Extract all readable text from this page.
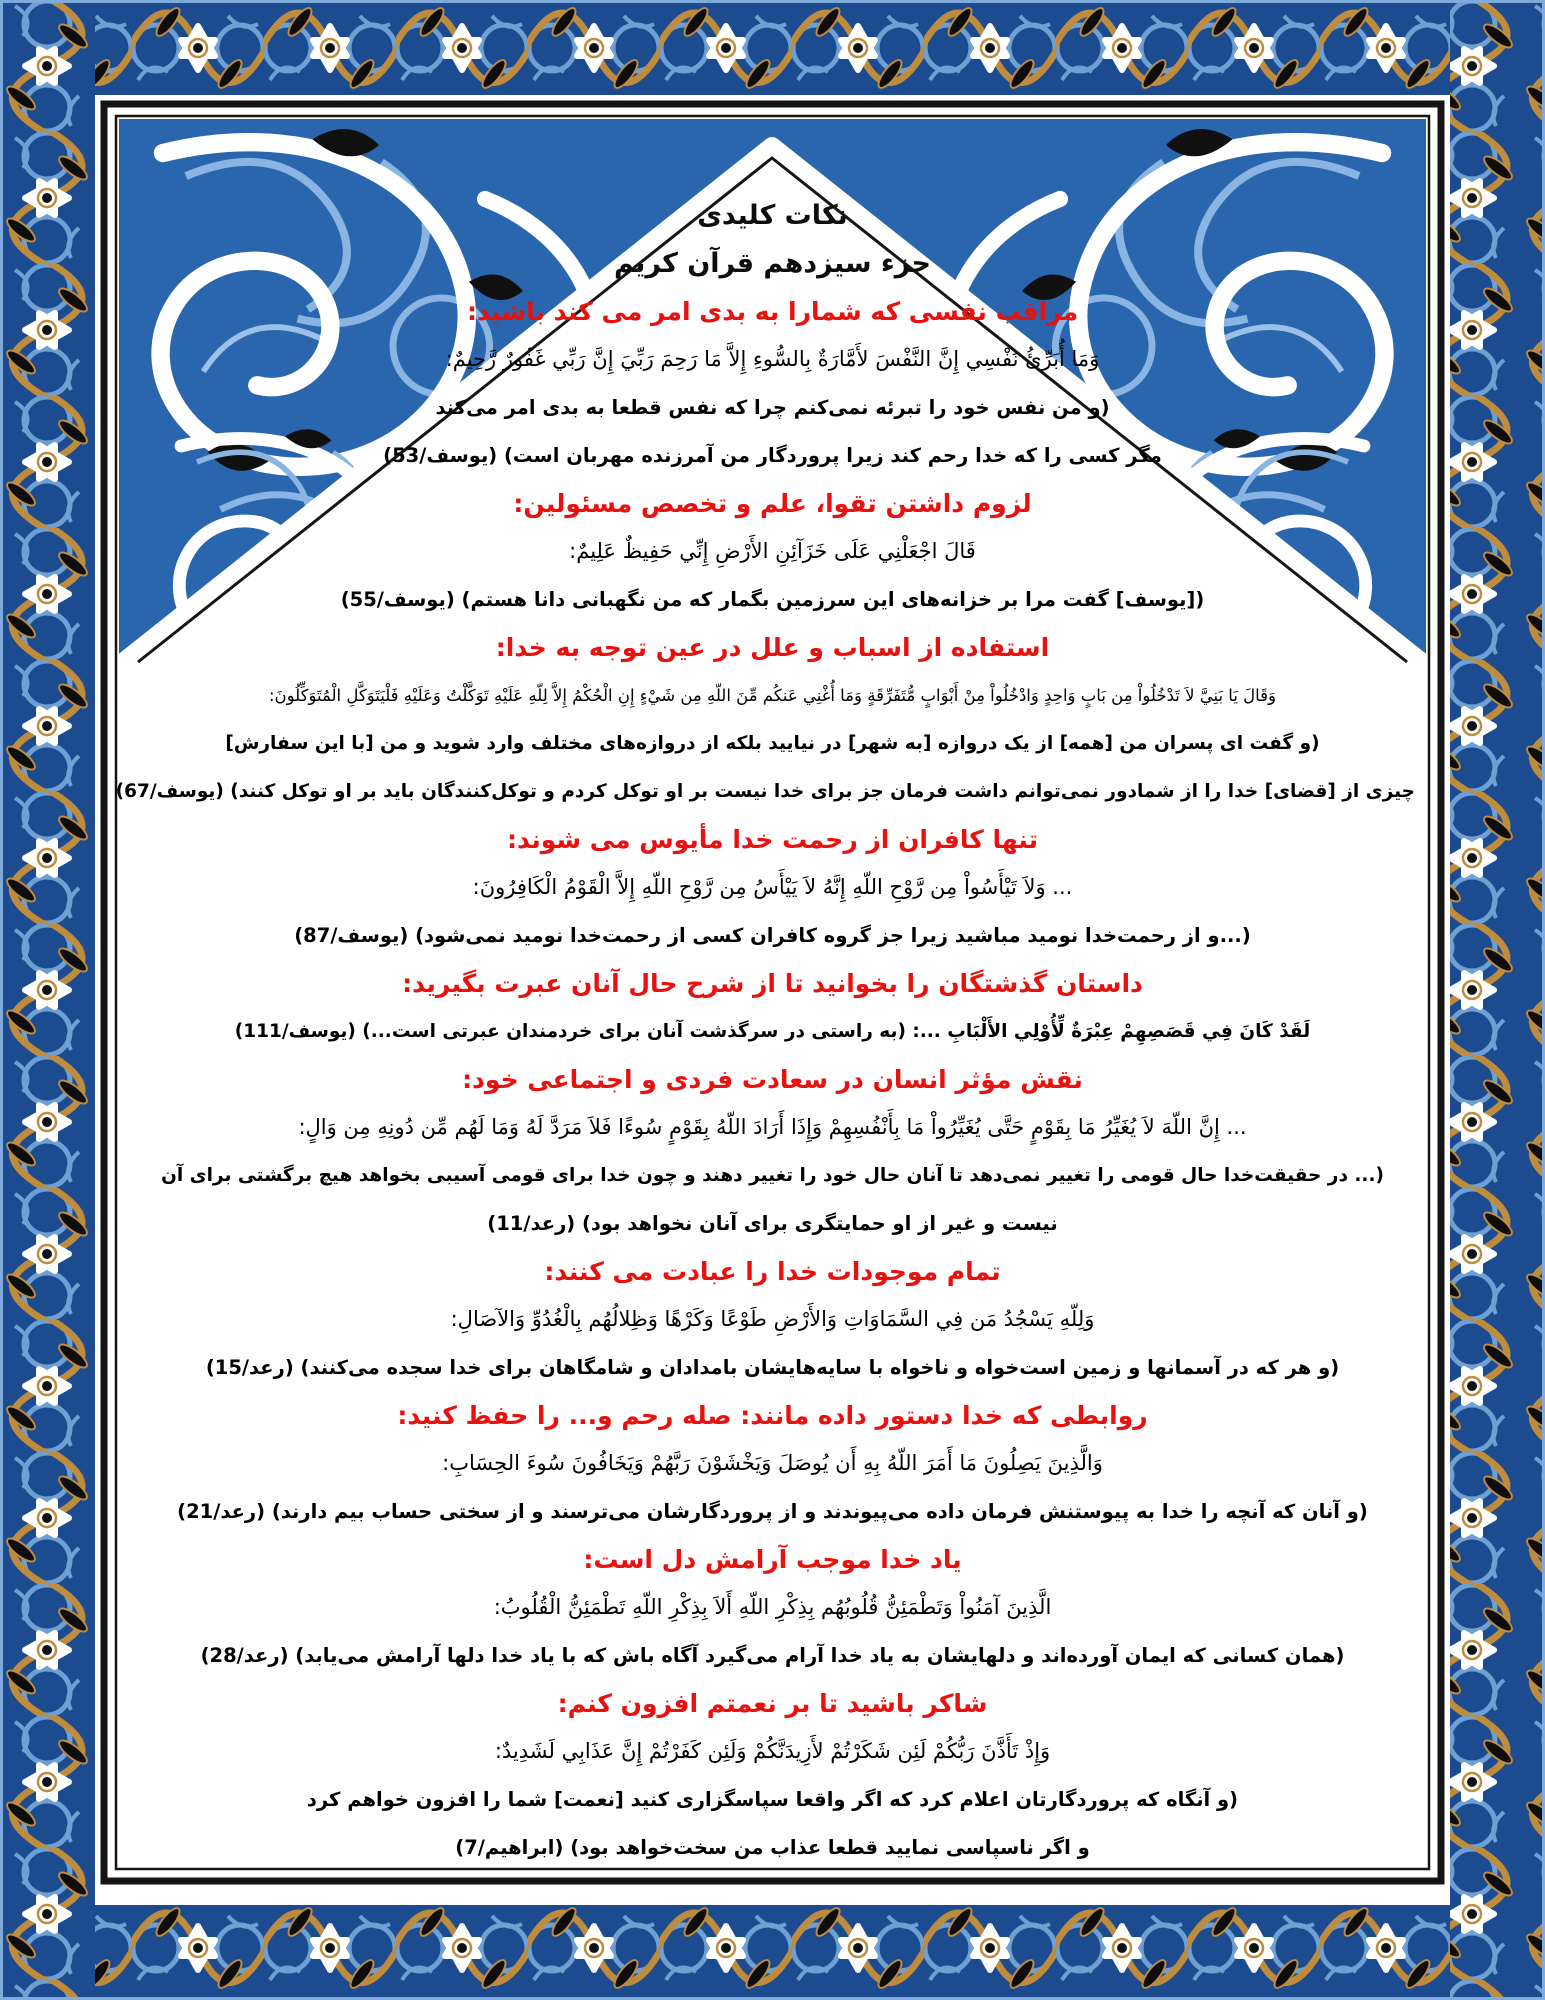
نکات کلیدی

جزء سیزدهم قرآن کریم

مراقب نفسی که شمارا به بدی امر می کند باشید:

وَمَا أُبَرِّئُ نَفْسِي إِنَّ النَّفْسَ لأَمَّارَةٌ بِالسُّوءِ إِلاَّ مَا رَحِمَ رَبِّيَ إِنَّ رَبِّي غَفُورٌ رَّحِيمٌ:

(و من نفس خود را تبرئه نمی‌کنم چرا که نفس قطعا به بدی امر می‌کند

مگر کسی را که خدا رحم کند زیرا پروردگار من آمرزنده مهربان است) (یوسف/53)

لزوم داشتن تقوا، علم و تخصص مسئولین:

قَالَ اجْعَلْنِي عَلَى خَزَآئِنِ الأَرْضِ إِنِّي حَفِيظٌ عَلِيمٌ:

([یوسف] گفت مرا بر خزانه‌های این سرزمین بگمار که من نگهبانی دانا هستم) (یوسف/55)

استفاده از اسباب و علل در عین توجه به خدا:

وَقَالَ يَا بَنِيَّ لاَ تَدْخُلُواْ مِن بَابٍ وَاحِدٍ وَادْخُلُواْ مِنْ أَبْوَابٍ مُّتَفَرِّقَةٍ وَمَا أُغْنِي عَنكُم مِّنَ اللّهِ مِن شَيْءٍ إِنِ الْحُكْمُ إِلاَّ لِلّهِ عَلَيْهِ تَوَكَّلْتُ وَعَلَيْهِ فَلْيَتَوَكَّلِ الْمُتَوَكِّلُونَ:

(و گفت ای پسران من [همه] از یک دروازه [به شهر] در نیایید بلکه از دروازه‌های مختلف وارد شوید و من [با این سفارش]

چیزی از [قضای] خدا را از شمادور نمی‌توانم داشت فرمان جز برای خدا نیست بر او توکل کردم و توکل‌کنندگان باید بر او توکل کنند) (یوسف/67)

تنها کافران از رحمت خدا مأیوس می شوند:

... وَلاَ تَيْأَسُواْ مِن رَّوْحِ اللّهِ إِنَّهُ لاَ يَيْأَسُ مِن رَّوْحِ اللّهِ إِلاَّ الْقَوْمُ الْكَافِرُونَ:

(...و از رحمت‌خدا نومید مباشید زیرا جز گروه کافران کسی از رحمت‌خدا نومید نمی‌شود) (یوسف/87)

داستان گذشتگان را بخوانید تا از شرح حال آنان عبرت بگیرید:

لَقَدْ كَانَ فِي قَصَصِهِمْ عِبْرَةٌ لِّأُوْلِي الأَلْبَابِ ...: (به راستی در سرگذشت آنان برای خردمندان عبرتی است...) (یوسف/111)

نقش مؤثر انسان در سعادت فردی و اجتماعی خود:

... إِنَّ اللّهَ لاَ يُغَيِّرُ مَا بِقَوْمٍ حَتَّى يُغَيِّرُواْ مَا بِأَنْفُسِهِمْ وَإِذَا أَرَادَ اللّهُ بِقَوْمٍ سُوءًا فَلاَ مَرَدَّ لَهُ وَمَا لَهُم مِّن دُونِهِ مِن وَالٍ:

(... در حقیقت‌خدا حال قومی را تغییر نمی‌دهد تا آنان حال خود را تغییر دهند و چون خدا برای قومی آسیبی بخواهد هیچ برگشتی برای آن

نیست و غیر از او حمایتگری برای آنان نخواهد بود) (رعد/11)

تمام موجودات خدا را عبادت می کنند:

وَلِلّهِ يَسْجُدُ مَن فِي السَّمَاوَاتِ وَالأَرْضِ طَوْعًا وَكَرْهًا وَظِلالُهُم بِالْغُدُوِّ وَالآصَالِ:

(و هر که در آسمانها و زمین است‌خواه و ناخواه با سایه‌هایشان بامدادان و شامگاهان برای خدا سجده می‌کنند) (رعد/15)

روابطی که خدا دستور داده مانند: صله رحم و... را حفظ کنید:

وَالَّذِينَ يَصِلُونَ مَا أَمَرَ اللّهُ بِهِ أَن يُوصَلَ وَيَخْشَوْنَ رَبَّهُمْ وَيَخَافُونَ سُوءَ الحِسَابِ:

(و آنان که آنچه را خدا به پیوستنش فرمان داده می‌پیوندند و از پروردگارشان می‌ترسند و از سختی حساب بیم دارند) (رعد/21)

یاد خدا موجب آرامش دل است:

الَّذِينَ آمَنُواْ وَتَطْمَئِنُّ قُلُوبُهُم بِذِكْرِ اللّهِ أَلاَ بِذِكْرِ اللّهِ تَطْمَئِنُّ الْقُلُوبُ:

(همان کسانی که ایمان آورده‌اند و دلهایشان به یاد خدا آرام می‌گیرد آگاه باش که با یاد خدا دلها آرامش می‌یابد) (رعد/28)

شاکر باشید تا بر نعمتم افزون کنم:

وَإِذْ تَأَذَّنَ رَبُّكُمْ لَئِن شَكَرْتُمْ لأَزِيدَنَّكُمْ وَلَئِن كَفَرْتُمْ إِنَّ عَذَابِي لَشَدِيدٌ:

(و آنگاه که پروردگارتان اعلام کرد که اگر واقعا سپاسگزاری کنید [نعمت] شما را افزون خواهم کرد

و اگر ناسپاسی نمایید قطعا عذاب من سخت‌خواهد بود) (ابراهیم/7)
